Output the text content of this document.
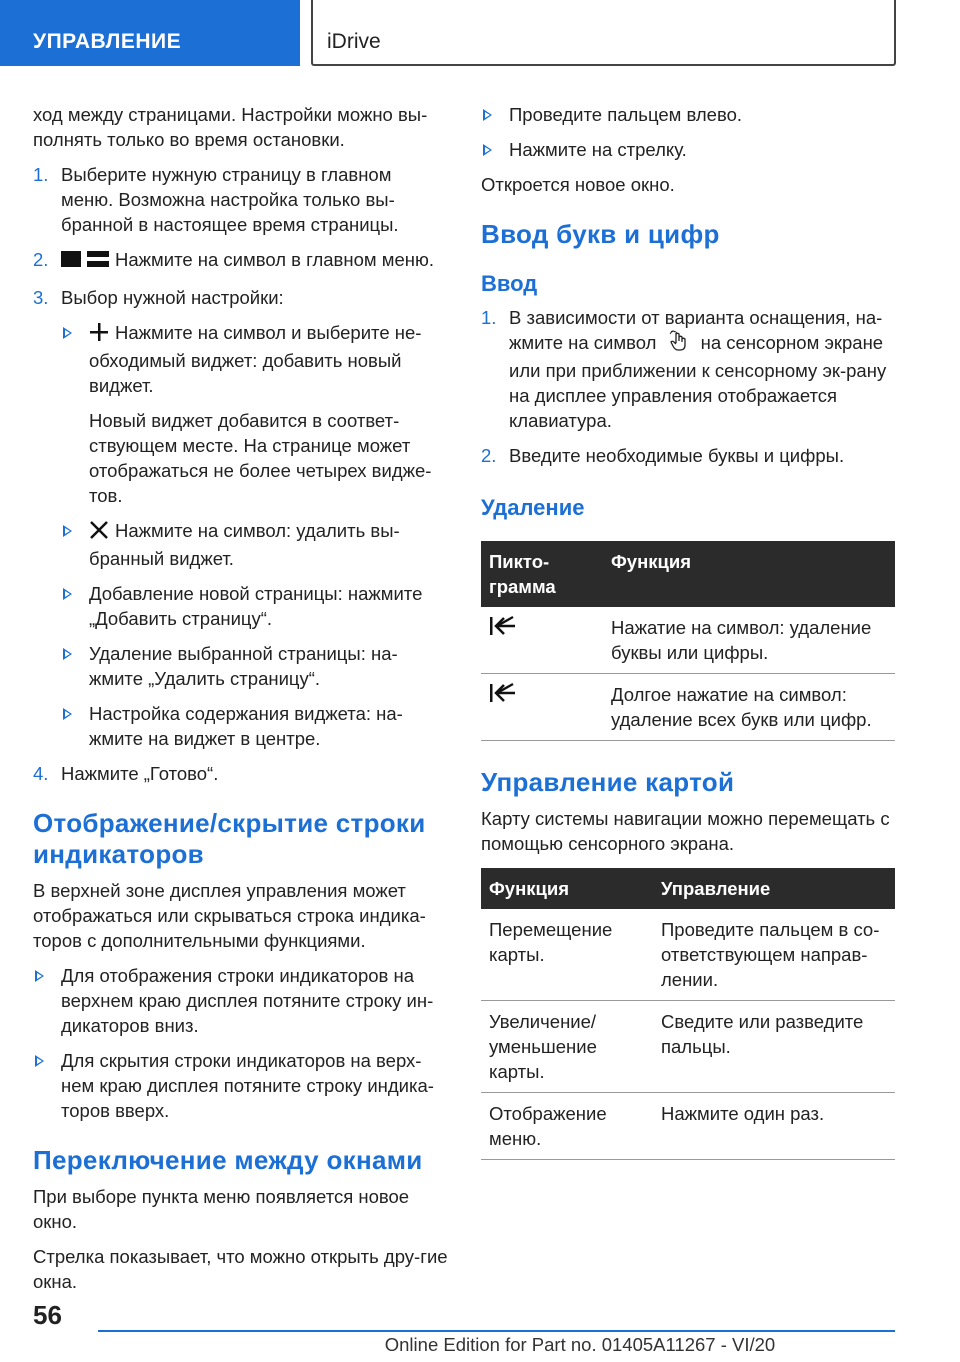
УПРАВЛЕНИЕ	iDrive

ход между страницами. Настройки можно вы-полнять только во время остановки.

1. Выберите нужную страницу в главном меню. Возможна настройка только вы-бранной в настоящее время страницы.
2.	Нажмите на символ в главном меню.
3. Выбор нужной настройки:
Нажмите на символ и выберите не-обходимый виджет: добавить новый виджет.

Новый виджет добавится в соответ-ствующем месте. На странице может отображаться не более четырех видже-тов.

Нажмите на символ: удалить вы-бранный виджет.
Добавление новой страницы: нажмите „Добавить страницу“.
Удаление выбранной страницы: на-жмите „Удалить страницу“.
Настройка содержания виджета: на-жмите на виджет в центре.
4. Нажмите „Готово“.
Отображение/скрытие строки индикаторов

В верхней зоне дисплея управления может отображаться или скрываться строка индика-торов с дополнительными функциями.

Для отображения строки индикаторов на верхнем краю дисплея потяните строку ин-дикаторов вниз.
Для скрытия строки индикаторов на верх-нем краю дисплея потяните строку индика-торов вверх.
Переключение между окнами

При выборе пункта меню появляется новое окно.

Стрелка показывает, что можно открыть дру-гие окна.

Проведите пальцем влево.
Нажмите на стрелку.

Откроется новое окно.

Ввод букв и цифр
Ввод
1. В зависимости от варианта оснащения, на-жмите на символ на сенсорном экране или при приближении к сенсорному эк-рану на дисплее управления отображается клавиатура.
2. Введите необходимые буквы и цифры.
Удаление
Пикто-грамма	Функция
	Нажатие на символ: удаление буквы или цифры.
	Долгое нажатие на символ: удаление всех букв или цифр.
Управление картой

Карту системы навигации можно перемещать с помощью сенсорного экрана.

Функция	Управление
Перемещение карты.	Проведите пальцем в со-ответствующем направ-лении.
Увеличение/уменьшение карты.	Сведите или разведите пальцы.
Отображение меню.	Нажмите один раз.
56
Online Edition for Part no. 01405A11267 - VI/20
